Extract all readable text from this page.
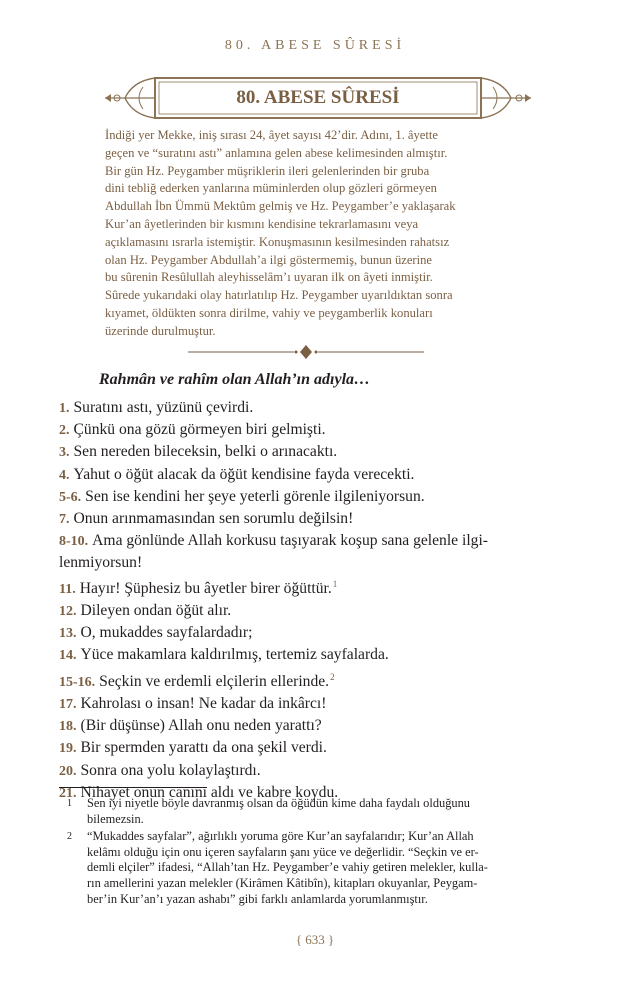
80. ABESE SÛRESİ
80. ABESE SÛRESİ
İndiği yer Mekke, iniş sırası 24, âyet sayısı 42’dir. Adını, 1. âyette
geçen ve “suratını astı” anlamına gelen abese kelimesinden almıştır.
Bir gün Hz. Peygamber müşriklerin ileri gelenlerinden bir gruba
dini tebliğ ederken yanlarına müminlerden olup gözleri görmeyen
Abdullah İbn Ümmü Mektûm gelmiş ve Hz. Peygamber’e yaklaşarak
Kur’an âyetlerinden bir kısmını kendisine tekrarlamasını veya
açıklamasını ısrarla istemiştir. Konuşmasının kesilmesinden rahatsız
olan Hz. Peygamber Abdullah’a ilgi göstermemiş, bunun üzerine
bu sûrenin Resûlullah aleyhisselâm’ı uyaran ilk on âyeti inmiştir.
Sûrede yukarıdaki olay hatırlatılıp Hz. Peygamber uyarıldıktan sonra
kıyamet, öldükten sonra dirilme, vahiy ve peygamberlik konuları
üzerinde durulmuştur.
Rahmân ve rahîm olan Allah’ın adıyla…
1. Suratını astı, yüzünü çevirdi.
2. Çünkü ona gözü görmeyen biri gelmişti.
3. Sen nereden bileceksin, belki o arınacaktı.
4. Yahut o öğüt alacak da öğüt kendisine fayda verecekti.
5-6. Sen ise kendini her şeye yeterli görenle ilgileniyorsun.
7. Onun arınmamasından sen sorumlu değilsin!
8-10. Ama gönlünde Allah korkusu taşıyarak koşup sana gelenle ilgi-
lenmiyorsun!
11. Hayır! Şüphesiz bu âyetler birer öğüttür.$^1$
12. Dileyen ondan öğüt alır.
13. O, mukaddes sayfalardadır;
14. Yüce makamlara kaldırılmış, tertemiz sayfalarda.
15-16. Seçkin ve erdemli elçilerin ellerinde.$^2$
17. Kahrolası o insan! Ne kadar da inkârcı!
18. (Bir düşünse) Allah onu neden yarattı?
19. Bir spermden yarattı da ona şekil verdi.
20. Sonra ona yolu kolaylaştırdı.
21. Nihayet onun canını aldı ve kabre koydu.
1	Sen iyi niyetle böyle davranmış olsan da öğüdün kime daha faydalı olduğunu
bilemezsin.
2	“Mukaddes sayfalar”, ağırlıklı yoruma göre Kur’an sayfalarıdır; Kur’an Allah
kelâmı olduğu için onu içeren sayfaların şanı yüce ve değerlidir. “Seçkin ve er-
demli elçiler” ifadesi, “Allah’tan Hz. Peygamber’e vahiy getiren melekler, kulla-
rın amellerini yazan melekler (Kirâmen Kâtibîn), kitapları okuyanlar, Peygam-
ber’in Kur’an’ı yazan ashabı” gibi farklı anlamlarda yorumlanmıştır.
{ 633 }
